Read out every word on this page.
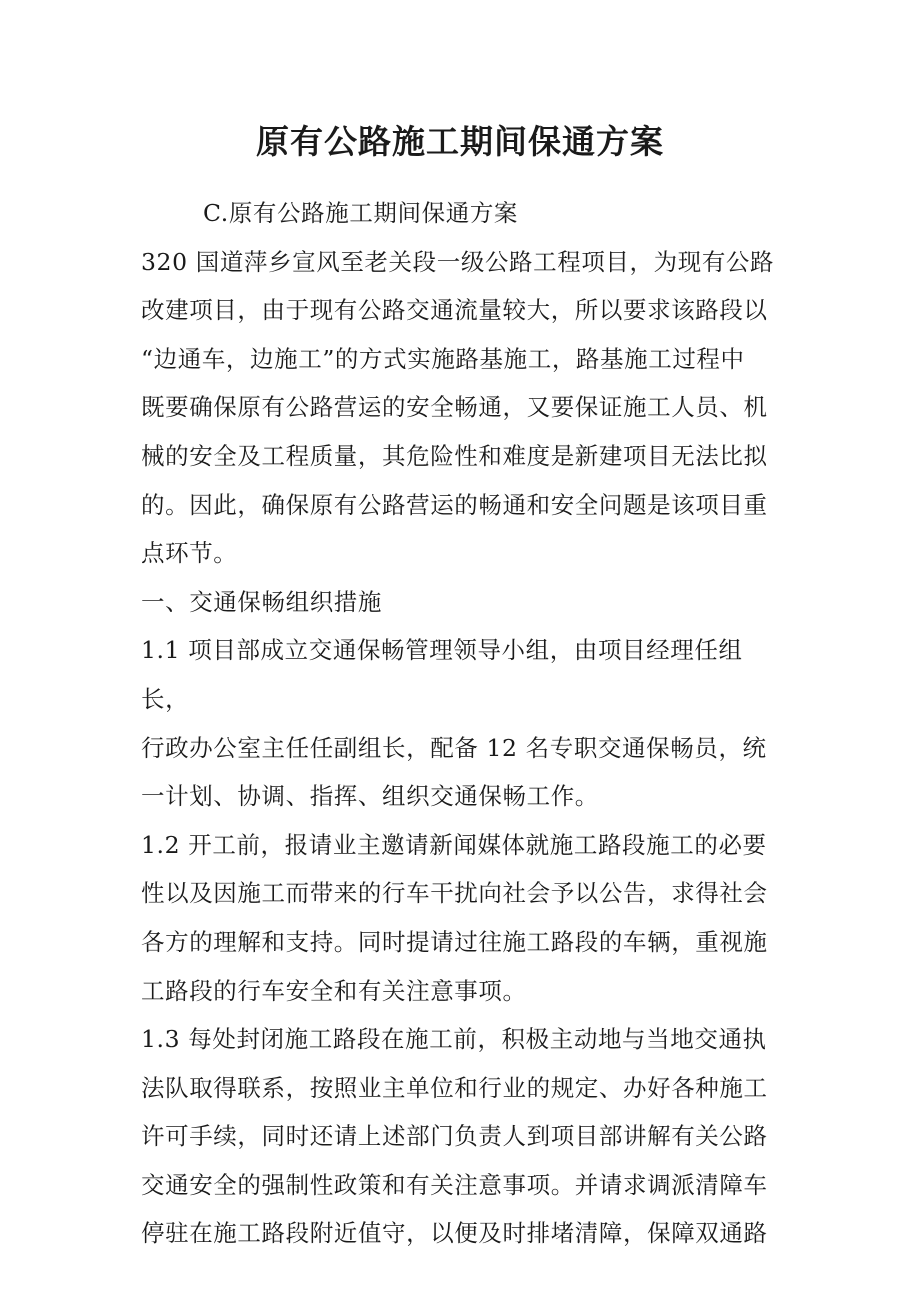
原有公路施工期间保通方案

C.原有公路施工期间保通方案

320 国道萍乡宣风至老关段一级公路工程项目，为现有公路

改建项目，由于现有公路交通流量较大，所以要求该路段以

“边通车，边施工”的方式实施路基施工，路基施工过程中

既要确保原有公路营运的安全畅通，又要保证施工人员、机

械的安全及工程质量，其危险性和难度是新建项目无法比拟

的。因此，确保原有公路营运的畅通和安全问题是该项目重

点环节。

一、交通保畅组织措施

1.1 项目部成立交通保畅管理领导小组，由项目经理任组长，

行政办公室主任任副组长，配备 12 名专职交通保畅员，统

一计划、协调、指挥、组织交通保畅工作。

1.2 开工前，报请业主邀请新闻媒体就施工路段施工的必要

性以及因施工而带来的行车干扰向社会予以公告，求得社会

各方的理解和支持。同时提请过往施工路段的车辆，重视施

工路段的行车安全和有关注意事项。

1.3 每处封闭施工路段在施工前，积极主动地与当地交通执

法队取得联系，按照业主单位和行业的规定、办好各种施工

许可手续，同时还请上述部门负责人到项目部讲解有关公路

交通安全的强制性政策和有关注意事项。并请求调派清障车

停驻在施工路段附近值守，以便及时排堵清障，保障双通路
